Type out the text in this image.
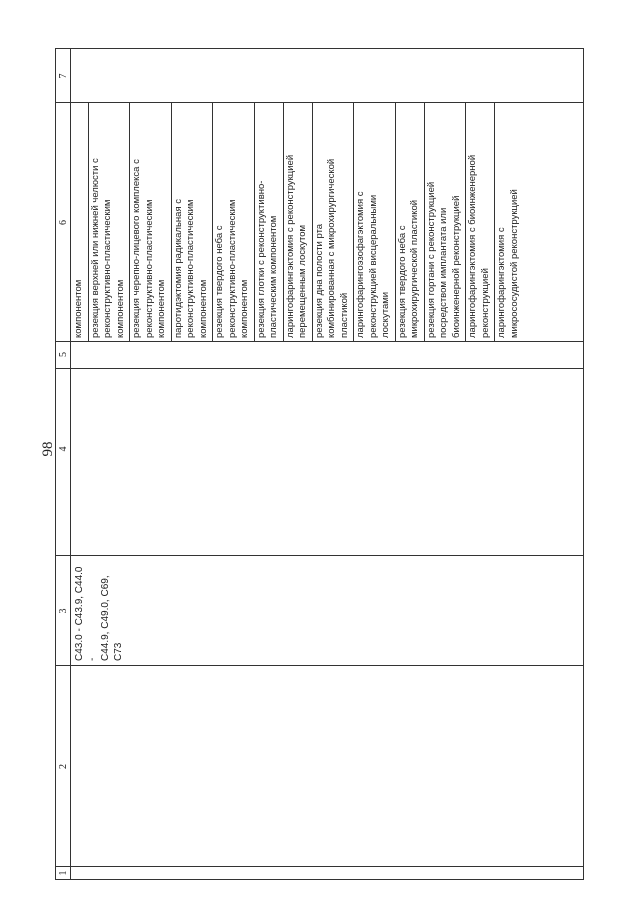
98
1
2
3
4
6
7
C43.0 - C43.9, C44.0 - C44.9, C49.0, C69, C73
5
компонентом резекция верхней или нижней челюсти с реконструктивно-пластическим компонентом резекция черепно-лицевого комплекса с реконструктивно-пластическим компонентом паротидэктомия радикальная с реконструктивно-пластическим компонентом резекция твердого неба с реконструктивно-пластическим компонентом резекция глотки с реконструктивно- пластическим компонентом ларингофарингэктомия с реконструкцией перемещенным лоскутом резекция дна полости рта комбинированная с микрохирургической пластикой ларингофарингоэзофагэктомия с реконструкцией висцеральными лоскутами резекция твердого неба с микрохирургической пластикой резекция гортани с реконструкцией посредством имплантата или биоинженерной реконструкцией ларингофарингэктомия с биоинженерной реконструкцией ларингофарингэктомия с микрососудистой реконструкцией
